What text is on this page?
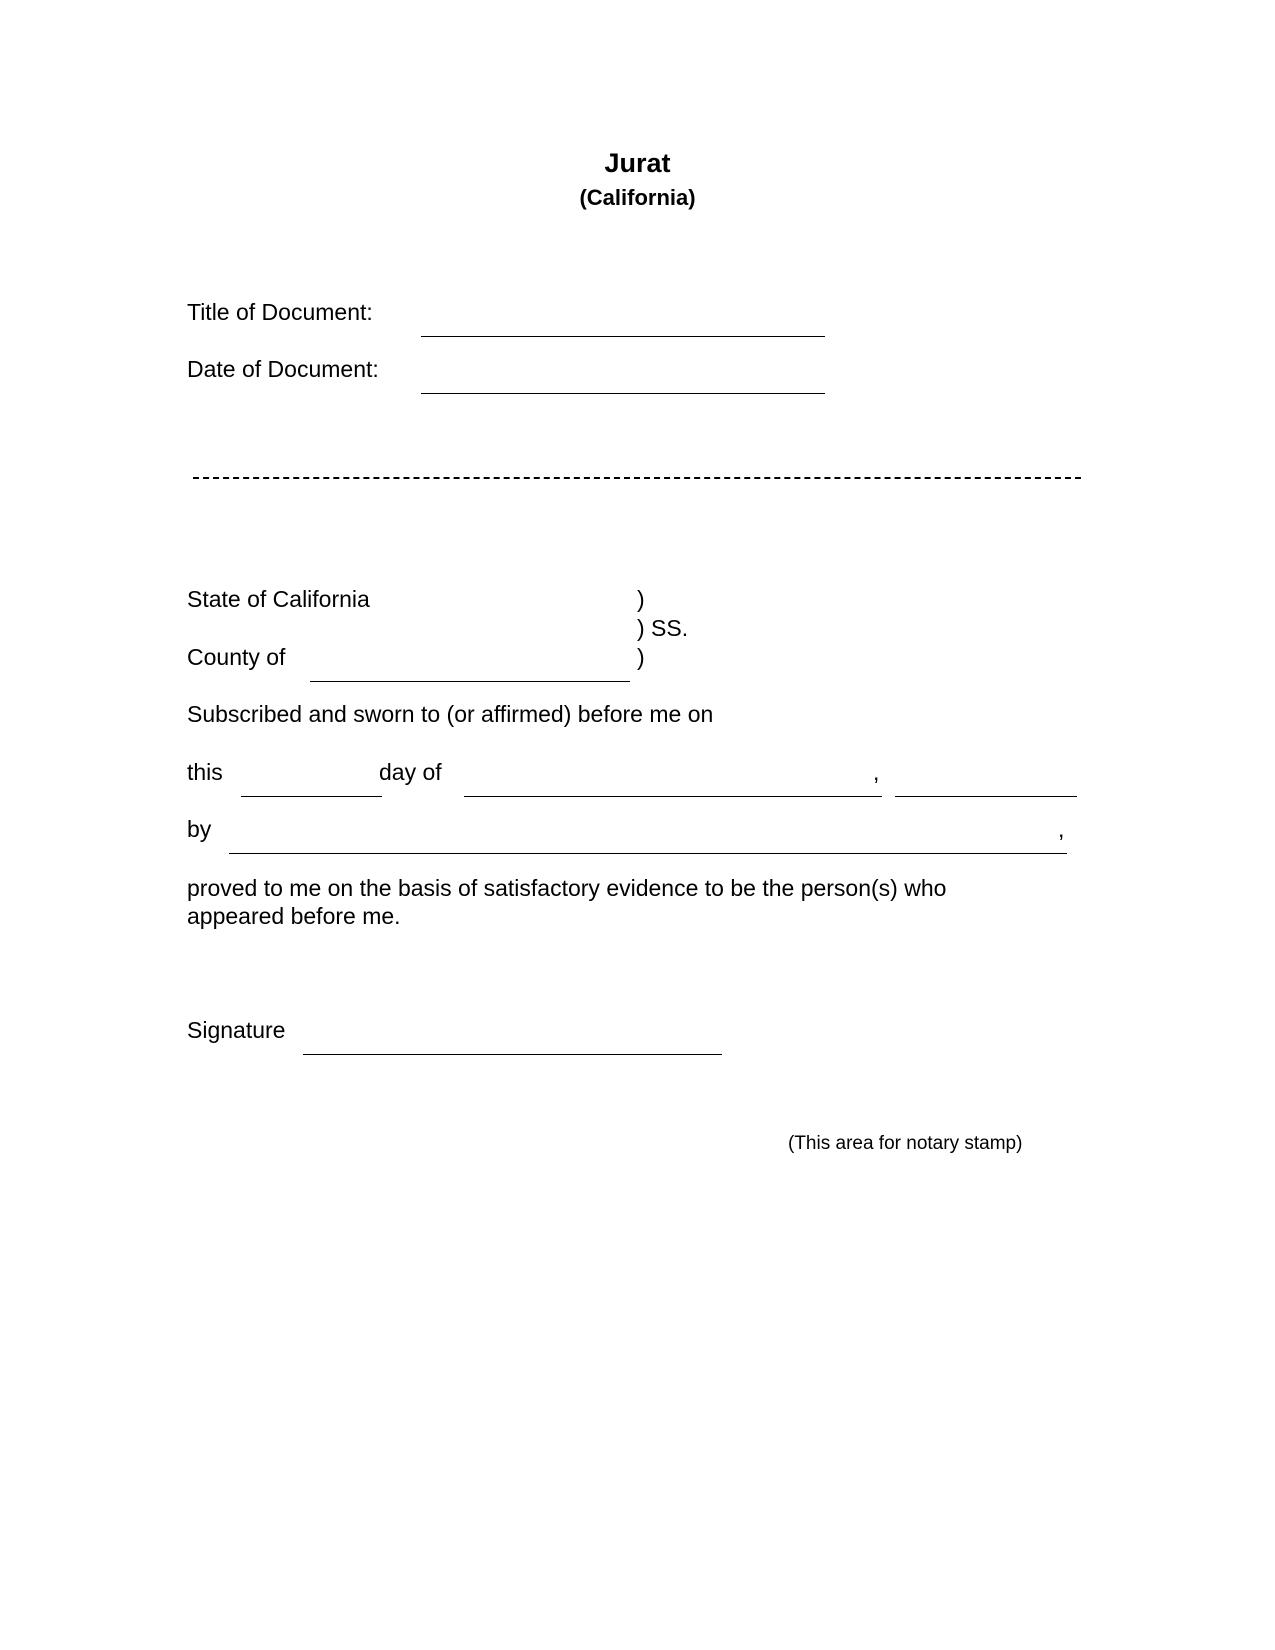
Jurat
(California)
Title of Document:

Date of Document:

State of California	)
) SS.
County of

	)
Subscribed and sworn to (or affirmed) before me on
this

	day of

	,

by

	,
proved to me on the basis of satisfactory evidence to be the person(s) who appeared before me.
Signature

(This area for notary stamp)
